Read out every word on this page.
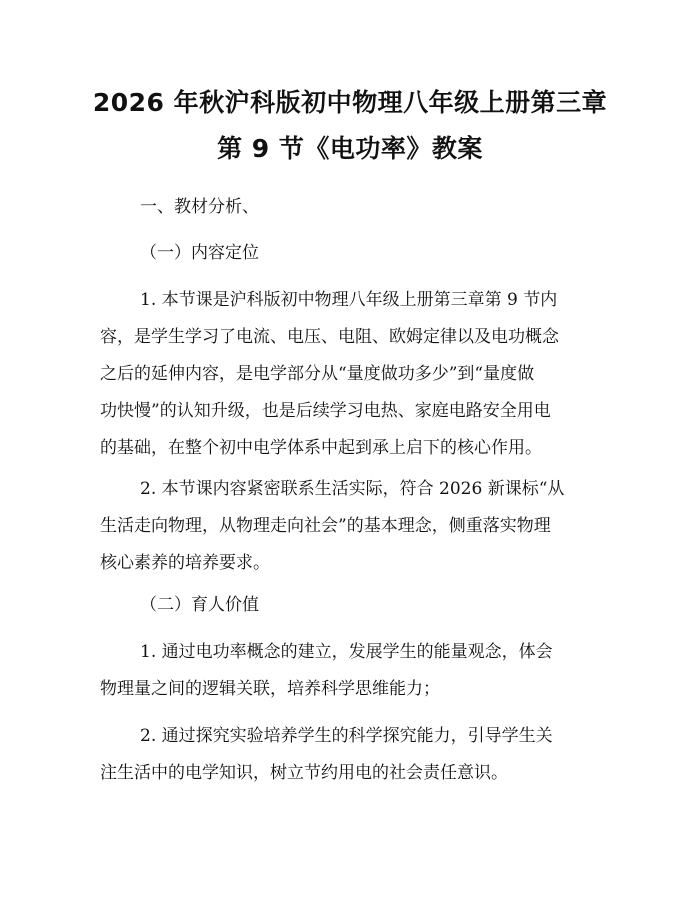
2026 年秋沪科版初中物理八年级上册第三章
第 9 节《电功率》教案
一、教材分析、
（一）内容定位
1. 本节课是沪科版初中物理八年级上册第三章第 9 节内
容，是学生学习了电流、电压、电阻、欧姆定律以及电功概念
之后的延伸内容，是电学部分从“量度做功多少”到“量度做
功快慢”的认知升级，也是后续学习电热、家庭电路安全用电
的基础，在整个初中电学体系中起到承上启下的核心作用。
2. 本节课内容紧密联系生活实际，符合 2026 新课标“从
生活走向物理，从物理走向社会”的基本理念，侧重落实物理
核心素养的培养要求。
（二）育人价值
1. 通过电功率概念的建立，发展学生的能量观念，体会
物理量之间的逻辑关联，培养科学思维能力；
2. 通过探究实验培养学生的科学探究能力，引导学生关
注生活中的电学知识，树立节约用电的社会责任意识。
